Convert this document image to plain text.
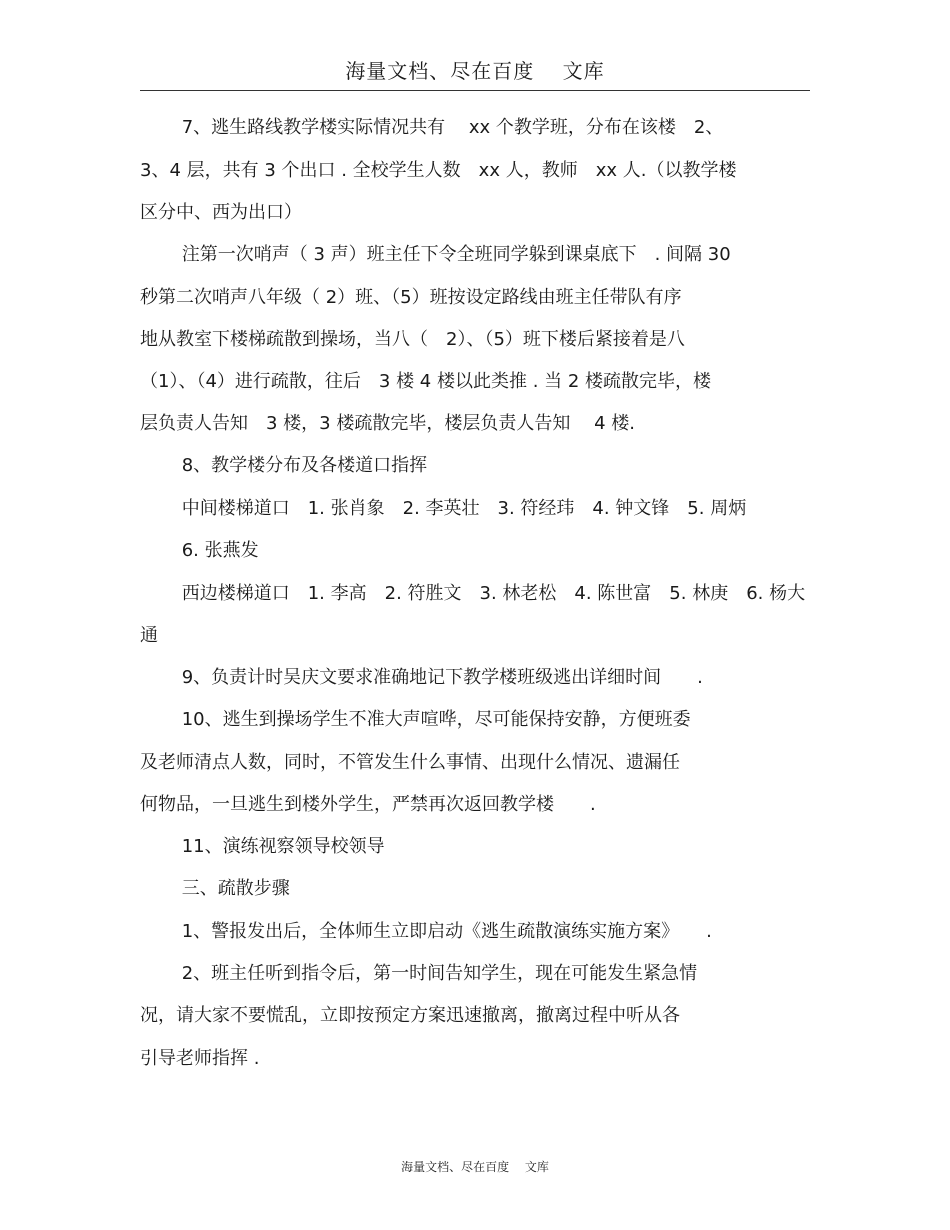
海量文档、尽在百度　 文库
　　 7、逃生路线教学楼实际情况共有　 xx 个教学班，分布在该楼　2、
3、4 层，共有 3 个出口 . 全校学生人数　xx 人，教师　xx 人.（以教学楼
区分中、西为出口）
　　 注第一次哨声（ 3 声）班主任下令全班同学躲到课桌底下　. 间隔 30
秒第二次哨声八年级（ 2）班、（5）班按设定路线由班主任带队有序
地从教室下楼梯疏散到操场，当八（　2）、（5）班下楼后紧接着是八
（1）、（4）进行疏散，往后　3 楼 4 楼以此类推 . 当 2 楼疏散完毕，楼
层负责人告知　3 楼，3 楼疏散完毕，楼层负责人告知　 4 楼.
　　 8、教学楼分布及各楼道口指挥
　　 中间楼梯道口　1. 张肖象　2. 李英壮　3. 符经玮　4. 钟文锋　5. 周炳
　　 6. 张燕发
　　 西边楼梯道口　1. 李高　2. 符胜文　3. 林老松　4. 陈世富　5. 林庚　6. 杨大
通
　　 9、负责计时吴庆文要求准确地记下教学楼班级逃出详细时间　　.
　　 10、逃生到操场学生不准大声喧哗，尽可能保持安静，方便班委
及老师清点人数，同时，不管发生什么事情、出现什么情况、遗漏任
何物品，一旦逃生到楼外学生，严禁再次返回教学楼　　.
　　 11、演练视察领导校领导
　　 三、疏散步骤
　　 1、警报发出后，全体师生立即启动《逃生疏散演练实施方案》　　.
　　 2、班主任听到指令后，第一时间告知学生，现在可能发生紧急情
况，请大家不要慌乱，立即按预定方案迅速撤离，撤离过程中听从各
引导老师指挥 .
海量文档、尽在百度　 文库
